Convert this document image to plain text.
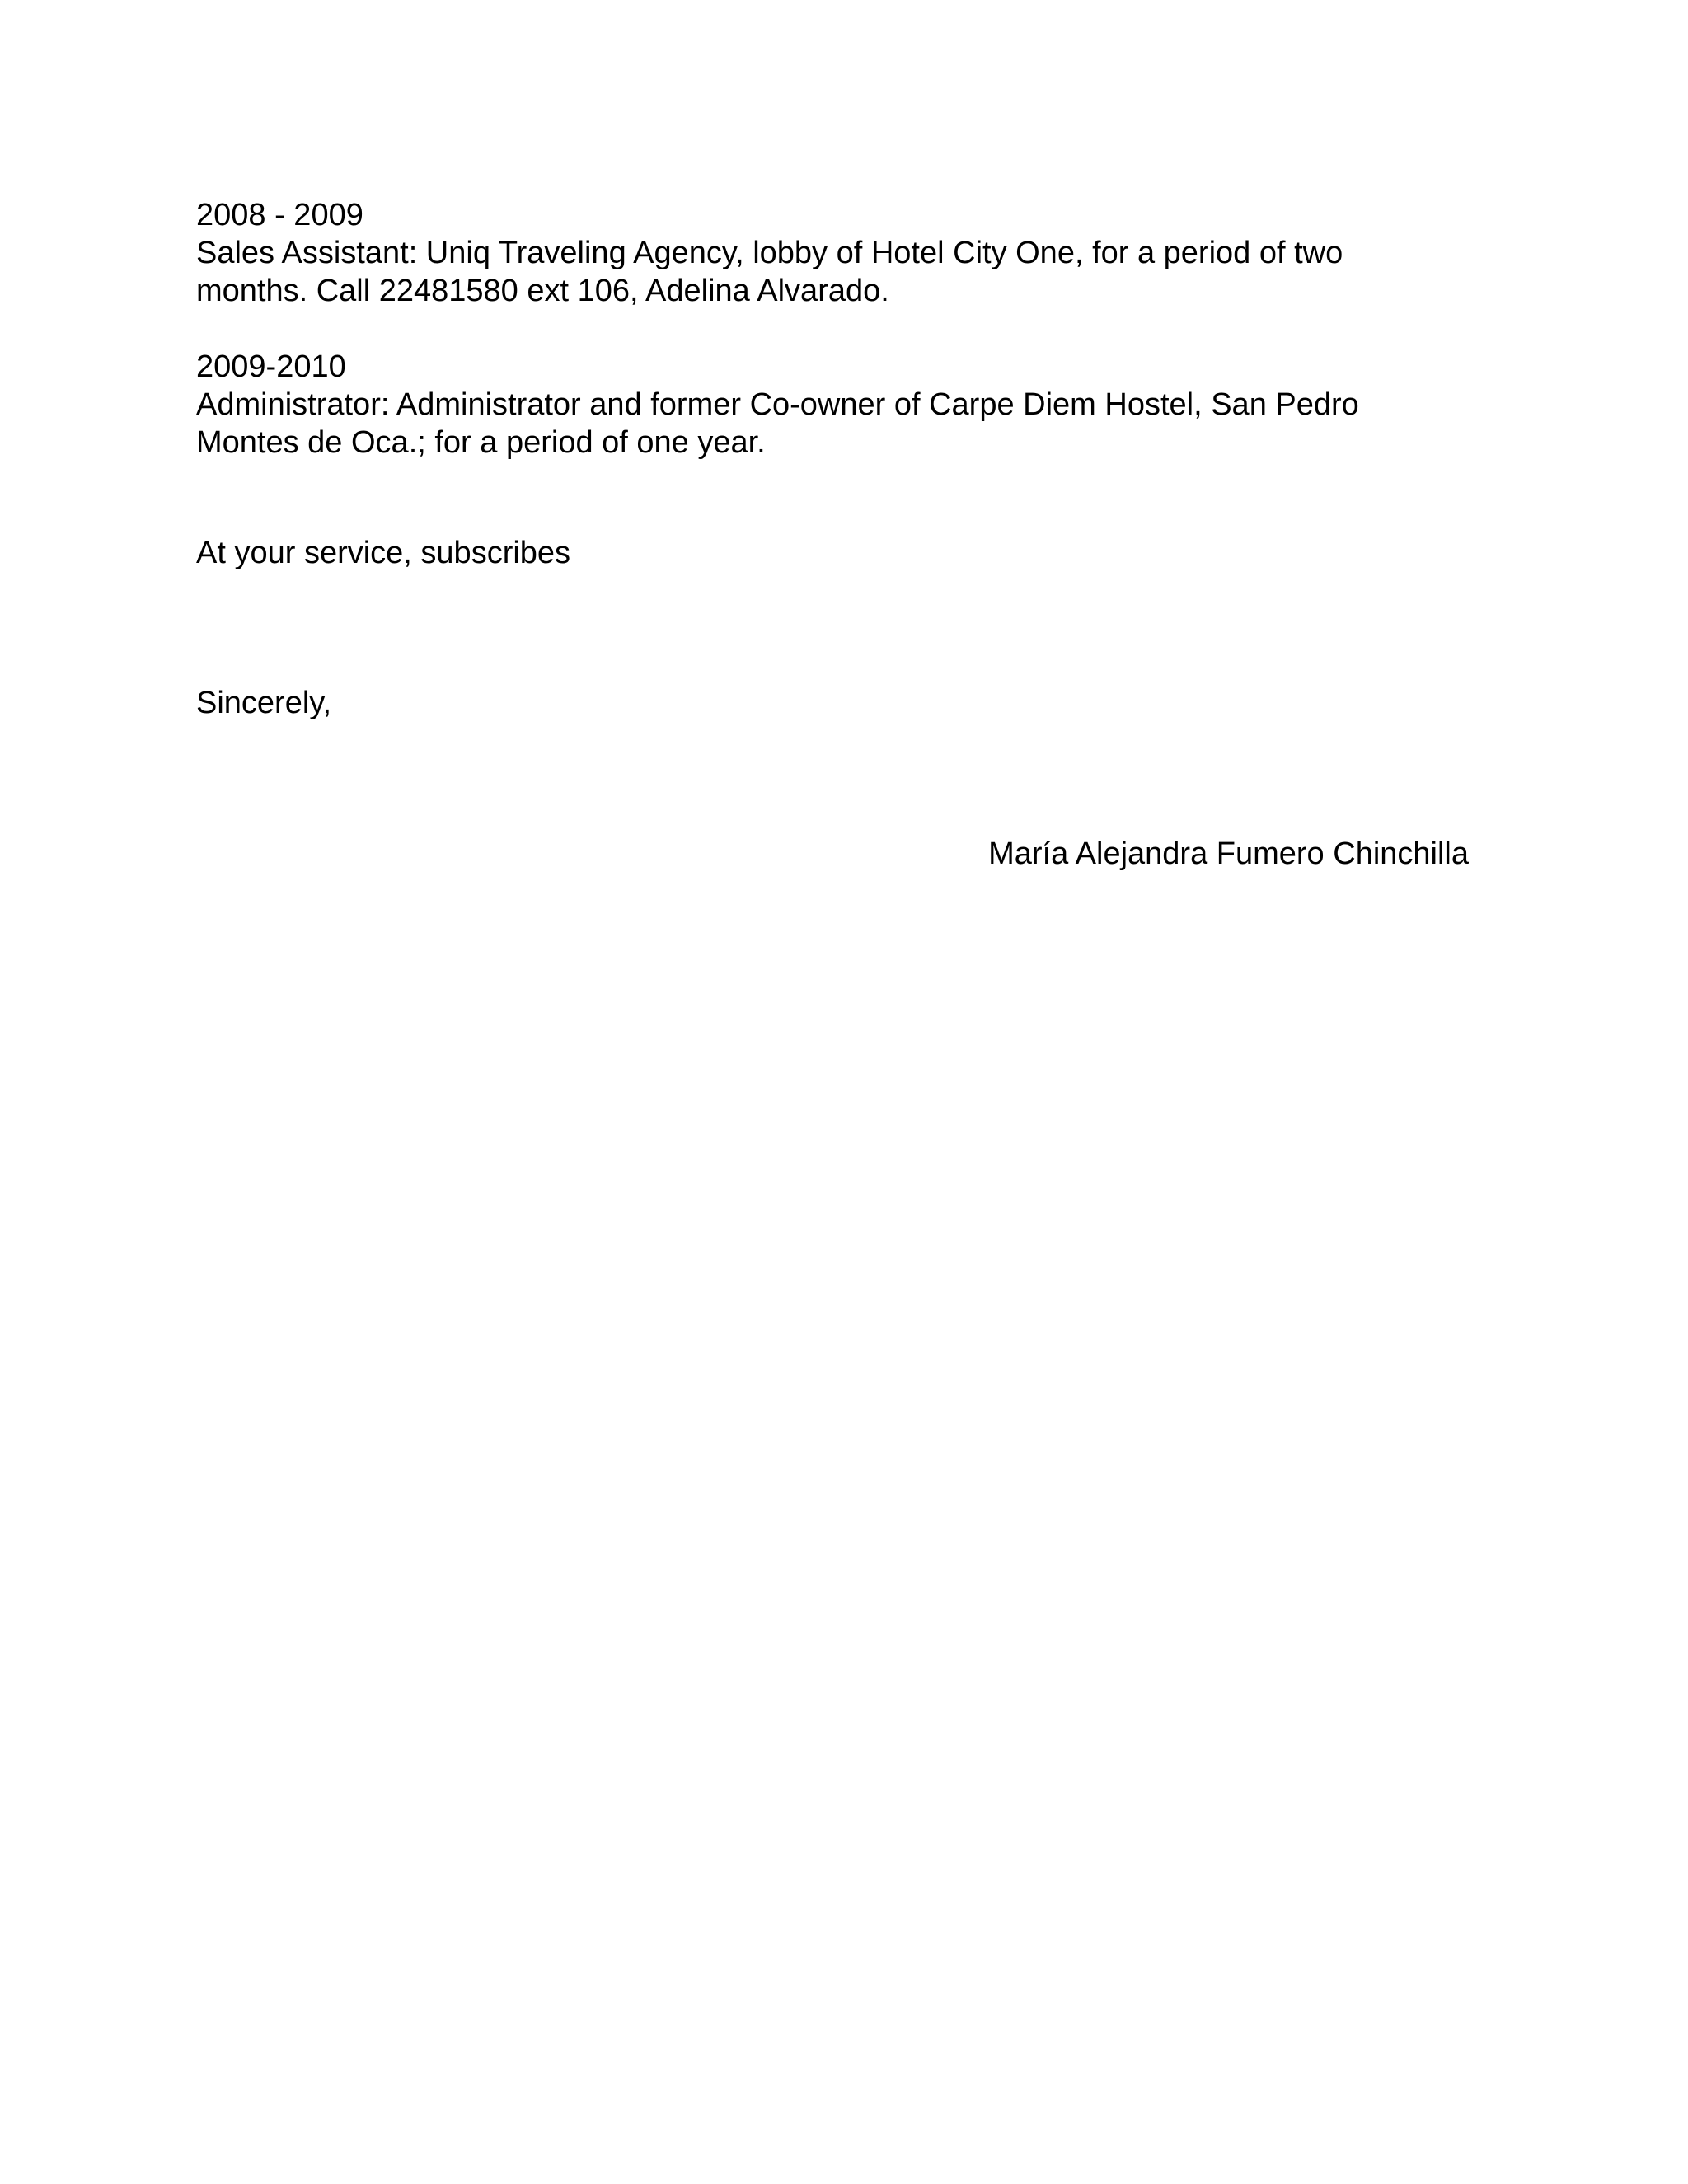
2008 - 2009
Sales Assistant: Uniq Traveling Agency, lobby of Hotel City One, for a period of two
months. Call 22481580 ext 106, Adelina Alvarado.
2009-2010
Administrator: Administrator and former Co-owner of Carpe Diem Hostel, San Pedro
Montes de Oca.; for a period of one year.
At your service, subscribes
Sincerely,
María Alejandra Fumero Chinchilla
